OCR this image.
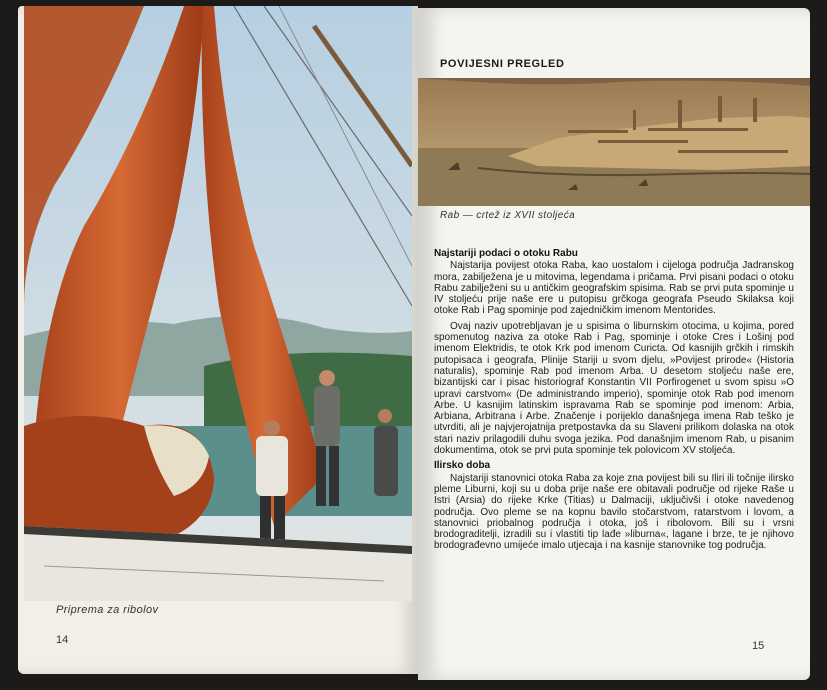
Priprema za ribolov
14
POVIJESNI PREGLED
Rab — crtež iz XVII stoljeća
Najstariji podaci o otoku Rabu

Najstarija povijest otoka Raba, kao uostalom i cijeloga područja Jadranskog mora, zabilježena je u mitovima, legendama i pričama. Prvi pisani podaci o otoku Rabu zabilježeni su u antičkim geografskim spisima. Rab se prvi puta spominje u IV stoljeću prije naše ere u putopisu grčkoga geografa Pseudo Skilaksa koji otoke Rab i Pag spominje pod zajedničkim imenom Mentorides.

Ovaj naziv upotrebljavan je u spisima o liburnskim otocima, u kojima, pored spomenutog naziva za otoke Rab i Pag, spominje i otoke Cres i Lošinj pod imenom Elektridis, te otok Krk pod imenom Curicta. Od kasnijih grčkih i rimskih putopisaca i geografa, Plinije Stariji u svom djelu, »Povijest prirode« (Historia naturalis), spominje Rab pod imenom Arba. U desetom stoljeću naše ere, bizantijski car i pisac historiograf Konstantin VII Porfirogenet u svom spisu »O upravi carstvom« (De administrando imperio), spominje otok Rab pod imenom Arbe. U kasnijim latinskim ispravama Rab se spominje pod imenom: Arbia, Arbiana, Arbitrana i Arbe. Značenje i porijeklo današnjega imena Rab teško je utvrditi, ali je najvjerojatnija pretpostavka da su Slaveni prilikom dolaska na otok stari naziv prilagodili duhu svoga jezika. Pod današnjim imenom Rab, u pisanim dokumentima, otok se prvi puta spominje tek polovicom XV stoljeća.

Ilirsko doba

Najstariji stanovnici otoka Raba za koje zna povijest bili su Iliri ili točnije ilirsko pleme Liburni, koji su u doba prije naše ere obitavali područje od rijeke Raše u Istri (Arsia) do rijeke Krke (Titias) u Dalmaciji, uključivši i otoke navedenog područja. Ovo pleme se na kopnu bavilo stočarstvom, ratarstvom i lovom, a stanovnici priobalnog područja i otoka, još i ribolovom. Bili su i vrsni brodograditelji, izradili su i vlastiti tip lađe »liburna«, lagane i brze, te je njihovo brodograđevno umijeće imalo utjecaja i na kasnije stanovnike tog područja.

15
